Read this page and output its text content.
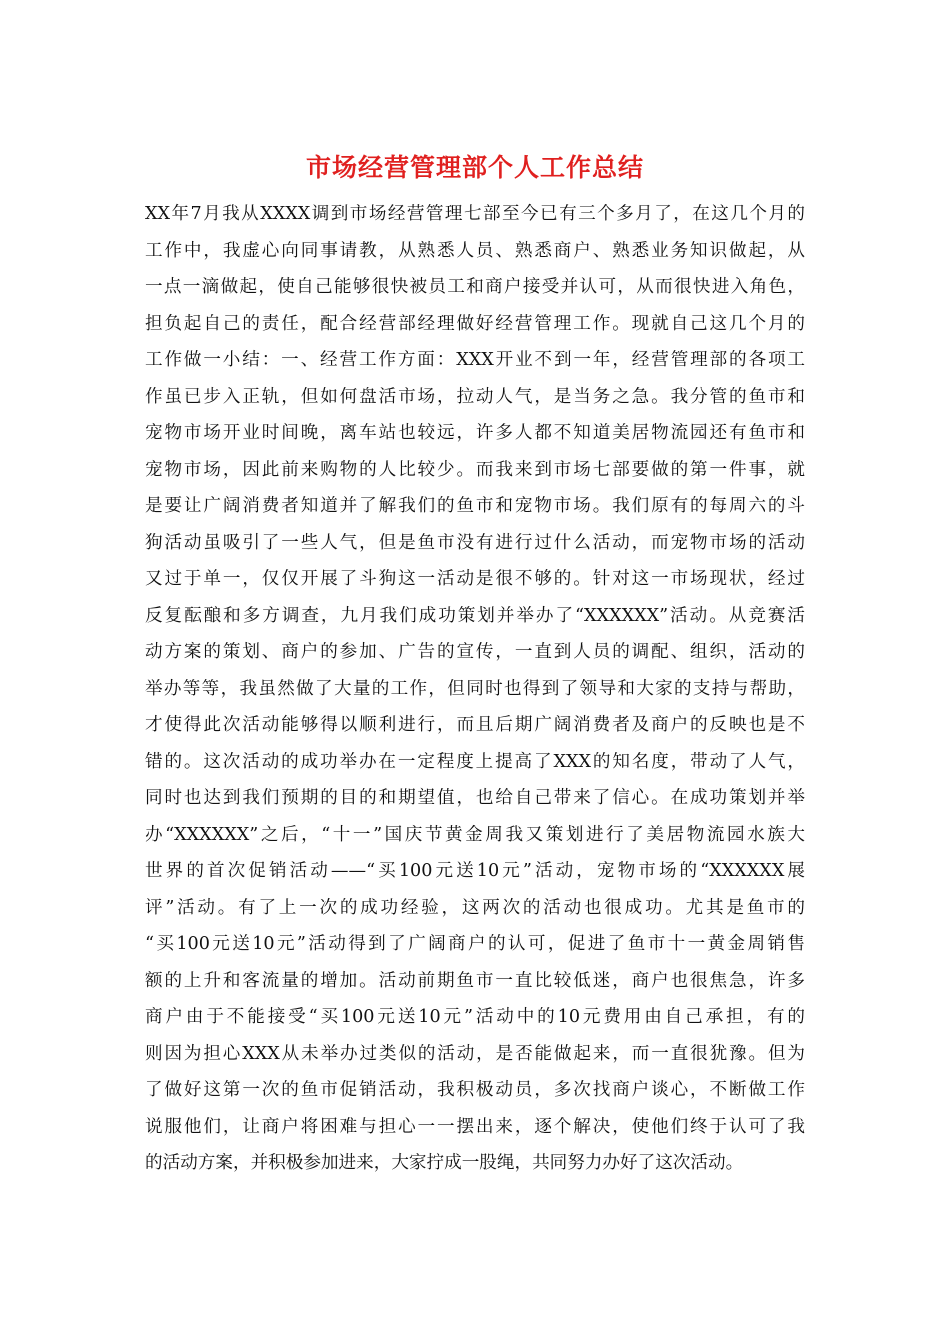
市场经营管理部个人工作总结
XX年7月我从XXXX调到市场经营管理七部至今已有三个多月了，在这几个月的
工作中，我虚心向同事请教，从熟悉人员、熟悉商户、熟悉业务知识做起，从
一点一滴做起，使自己能够很快被员工和商户接受并认可，从而很快进入角色，
担负起自己的责任，配合经营部经理做好经营管理工作。现就自己这几个月的
工作做一小结：一、经营工作方面：XXX开业不到一年，经营管理部的各项工
作虽已步入正轨，但如何盘活市场，拉动人气，是当务之急。我分管的鱼市和
宠物市场开业时间晚，离车站也较远，许多人都不知道美居物流园还有鱼市和
宠物市场，因此前来购物的人比较少。而我来到市场七部要做的第一件事，就
是要让广阔消费者知道并了解我们的鱼市和宠物市场。我们原有的每周六的斗
狗活动虽吸引了一些人气，但是鱼市没有进行过什么活动，而宠物市场的活动
又过于单一，仅仅开展了斗狗这一活动是很不够的。针对这一市场现状，经过
反复酝酿和多方调查，九月我们成功策划并举办了“XXXXXX”活动。从竞赛活
动方案的策划、商户的参加、广告的宣传，一直到人员的调配、组织，活动的
举办等等，我虽然做了大量的工作，但同时也得到了领导和大家的支持与帮助，
才使得此次活动能够得以顺利进行，而且后期广阔消费者及商户的反映也是不
错的。这次活动的成功举办在一定程度上提高了XXX的知名度，带动了人气，
同时也达到我们预期的目的和期望值，也给自己带来了信心。在成功策划并举
办“XXXXXX”之后，“十一”国庆节黄金周我又策划进行了美居物流园水族大
世界的首次促销活动——“买100元送10元”活动，宠物市场的“XXXXXX展
评”活动。有了上一次的成功经验，这两次的活动也很成功。尤其是鱼市的
“买100元送10元”活动得到了广阔商户的认可，促进了鱼市十一黄金周销售
额的上升和客流量的增加。活动前期鱼市一直比较低迷，商户也很焦急，许多
商户由于不能接受“买100元送10元”活动中的10元费用由自己承担，有的
则因为担心XXX从未举办过类似的活动，是否能做起来，而一直很犹豫。但为
了做好这第一次的鱼市促销活动，我积极动员，多次找商户谈心，不断做工作
说服他们，让商户将困难与担心一一摆出来，逐个解决，使他们终于认可了我
的活动方案，并积极参加进来，大家拧成一股绳，共同努力办好了这次活动。
